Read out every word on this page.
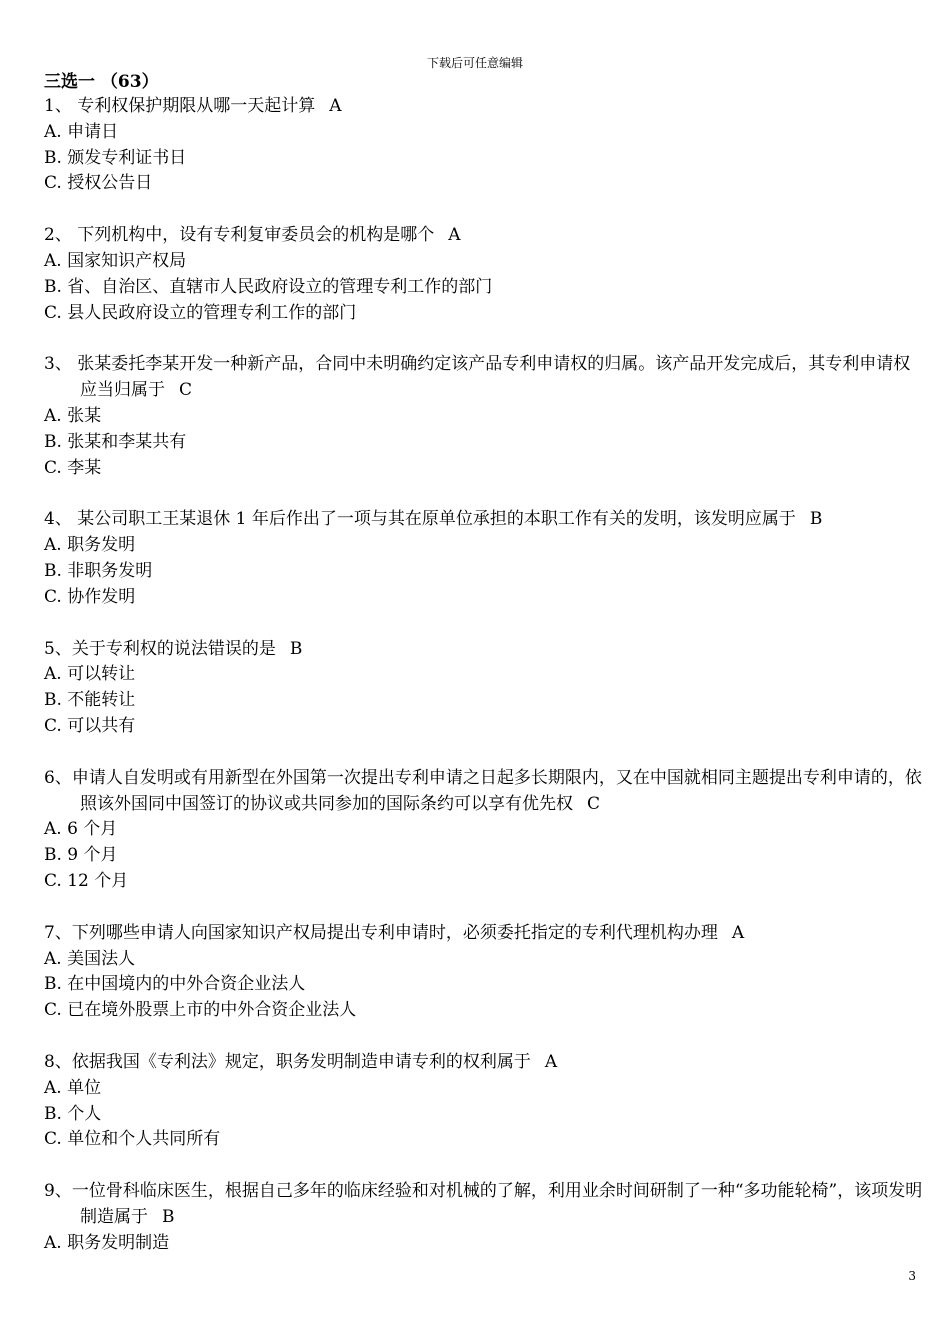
下载后可任意编辑
三选一 （63）
1、 专利权保护期限从哪一天起计算 A
A. 申请日
B. 颁发专利证书日
C. 授权公告日
2、 下列机构中，设有专利复审委员会的机构是哪个 A
A. 国家知识产权局
B. 省、自治区、直辖市人民政府设立的管理专利工作的部门
C. 县人民政府设立的管理专利工作的部门
3、 张某委托李某开发一种新产品，合同中未明确约定该产品专利申请权的归属。该产品开发完成后，其专利申请权应当归属于 C
A. 张某
B. 张某和李某共有
C. 李某
4、 某公司职工王某退休 1 年后作出了一项与其在原单位承担的本职工作有关的发明，该发明应属于 B
A. 职务发明
B. 非职务发明
C. 协作发明
5、关于专利权的说法错误的是 B
A. 可以转让
B. 不能转让
C. 可以共有
6、申请人自发明或有用新型在外国第一次提出专利申请之日起多长期限内，又在中国就相同主题提出专利申请的，依照该外国同中国签订的协议或共同参加的国际条约可以享有优先权 C
A. 6 个月
B. 9 个月
C. 12 个月
7、下列哪些申请人向国家知识产权局提出专利申请时，必须委托指定的专利代理机构办理 A
A. 美国法人
B. 在中国境内的中外合资企业法人
C. 已在境外股票上市的中外合资企业法人
8、依据我国《专利法》规定，职务发明制造申请专利的权利属于 A
A. 单位
B. 个人
C. 单位和个人共同所有
9、一位骨科临床医生，根据自己多年的临床经验和对机械的了解，利用业余时间研制了一种“多功能轮椅”，该项发明制造属于 B
A. 职务发明制造
3
